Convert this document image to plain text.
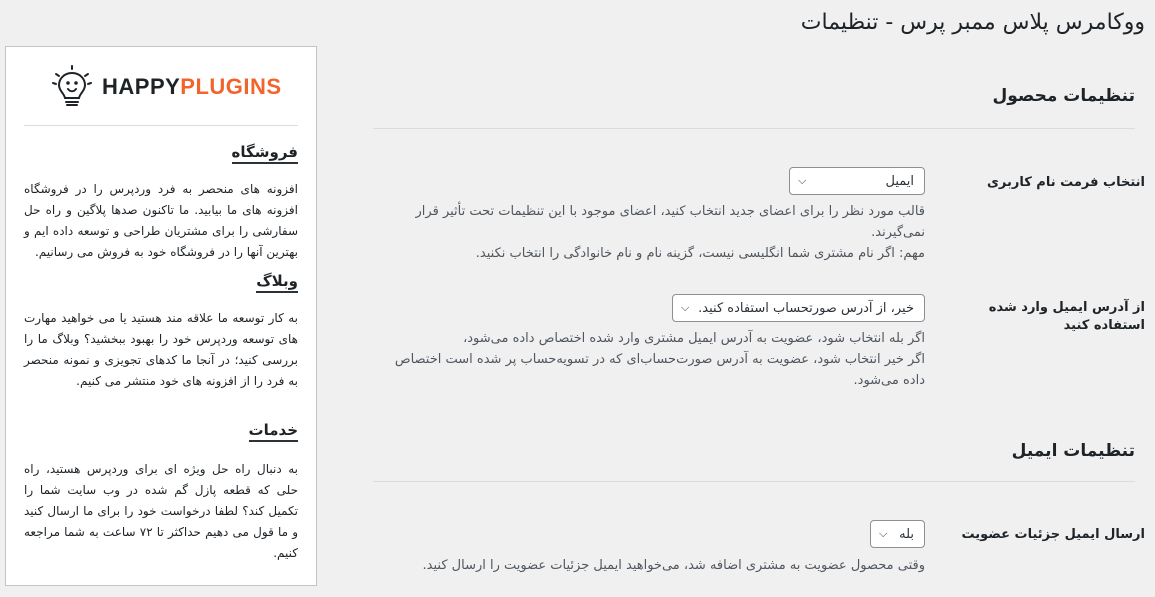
ووکامرس پلاس ممبر پرس - تنظیمات
تنظیمات محصول
انتخاب فرمت نام کاربری
ایمیل
⌵

قالب مورد نظر را برای اعضای جدید انتخاب کنید، اعضای موجود با این تنظیمات تحت تأثیر قرار نمی‌گیرند.

مهم: اگر نام مشتری شما انگلیسی نیست، گزینه نام و نام خانوادگی را انتخاب نکنید.

از آدرس ایمیل وارد شده استفاده کنید
خیر، از آدرس صورتحساب استفاده کنید.
⌵

اگر بله انتخاب شود، عضویت به آدرس ایمیل مشتری وارد شده اختصاص داده می‌شود،

اگر خیر انتخاب شود، عضویت به آدرس صورت‌حساب‌ای که در تسویه‌حساب پر شده است اختصاص داده می‌شود.

تنظیمات ایمیل
ارسال ایمیل جزئیات عضویت
بله
⌵

وقتی محصول عضویت به مشتری اضافه شد، می‌خواهید ایمیل جزئیات عضویت را ارسال کنید.

HAPPYPLUGINS
فروشگاه
افزونه های منحصر به فرد وردپرس را در فروشگاه افزونه های ما بیابید. ما تاکنون صدها پلاگین و راه حل سفارشی را برای مشتریان طراحی و توسعه داده ایم و بهترین آنها را در فروشگاه خود به فروش می رسانیم.
وبلاگ
به کار توسعه ما علاقه مند هستید یا می خواهید مهارت های توسعه وردپرس خود را بهبود ببخشید؟ وبلاگ ما را بررسی کنید؛ در آنجا ما کدهای تجویزی و نمونه منحصر به فرد را از افزونه های خود منتشر می کنیم.
خدمات
به دنبال راه حل ویژه ای برای وردپرس هستید، راه حلی که قطعه پازل گم شده در وب سایت شما را تکمیل کند؟ لطفا درخواست خود را برای ما ارسال کنید و ما قول می دهیم حداکثر تا ۷۲ ساعت به شما مراجعه کنیم.
